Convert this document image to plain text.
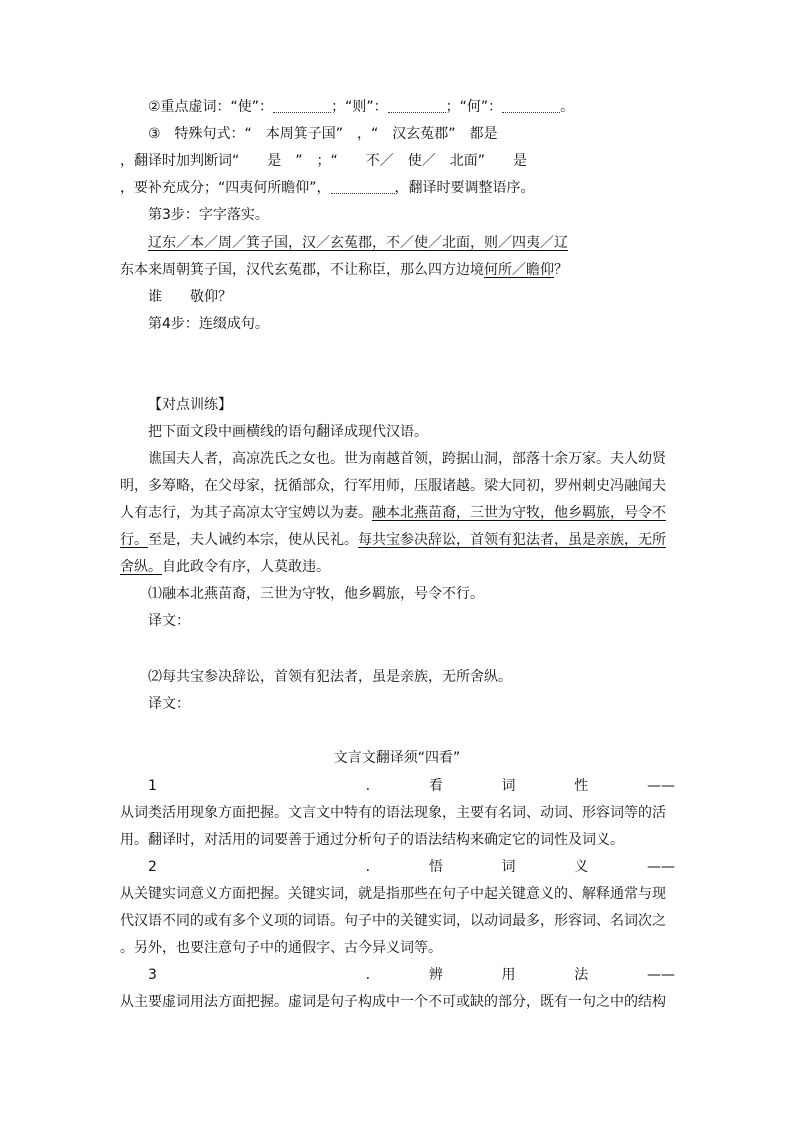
②重点虚词：“使”：	；“则”：	；“何”：	。
③　特殊句式：“　本周箕子国”　，“　汉玄菟郡”　都是
，翻译时加判断词“　　是　”　；“　　不／　使／　北面”　　是
，要补充成分；“四夷何所瞻仰”，	，翻译时要调整语序。
第3步：字字落实。
辽东／本／周／箕子国，汉／玄菟郡，不／使／北面，则／四夷／辽
东本来周朝箕子国，汉代玄菟郡，不让称臣，那么四方边境何所／瞻仰？
谁　　敬仰？
第4步：连缀成句。
【对点训练】
把下面文段中画横线的语句翻译成现代汉语。
谯国夫人者，高凉冼氏之女也。世为南越首领，跨据山洞，部落十余万家。夫人幼贤
明，多筹略，在父母家，抚循部众，行军用师，压服诸越。梁大同初，罗州刺史冯融闻夫
人有志行，为其子高凉太守宝娉以为妻。融本北燕苗裔，三世为守牧，他乡羁旅，号令不
行。至是，夫人诫约本宗，使从民礼。每共宝参决辞讼，首领有犯法者，虽是亲族，无所
舍纵。自此政令有序，人莫敢违。
⑴融本北燕苗裔，三世为守牧，他乡羁旅，号令不行。
译文：
⑵每共宝参决辞讼，首领有犯法者，虽是亲族，无所舍纵。
译文：
文言文翻译须“四看”
1	.	看	词	性	——
从词类活用现象方面把握。文言文中特有的语法现象，主要有名词、动词、形容词等的活
用。翻译时，对活用的词要善于通过分析句子的语法结构来确定它的词性及词义。
2	.	悟	词	义	——
从关键实词意义方面把握。关键实词，就是指那些在句子中起关键意义的、解释通常与现
代汉语不同的或有多个义项的词语。句子中的关键实词，以动词最多，形容词、名词次之
。另外，也要注意句子中的通假字、古今异义词等。
3	.	辨	用	法	——
从主要虚词用法方面把握。虚词是句子构成中一个不可或缺的部分，既有一句之中的结构
